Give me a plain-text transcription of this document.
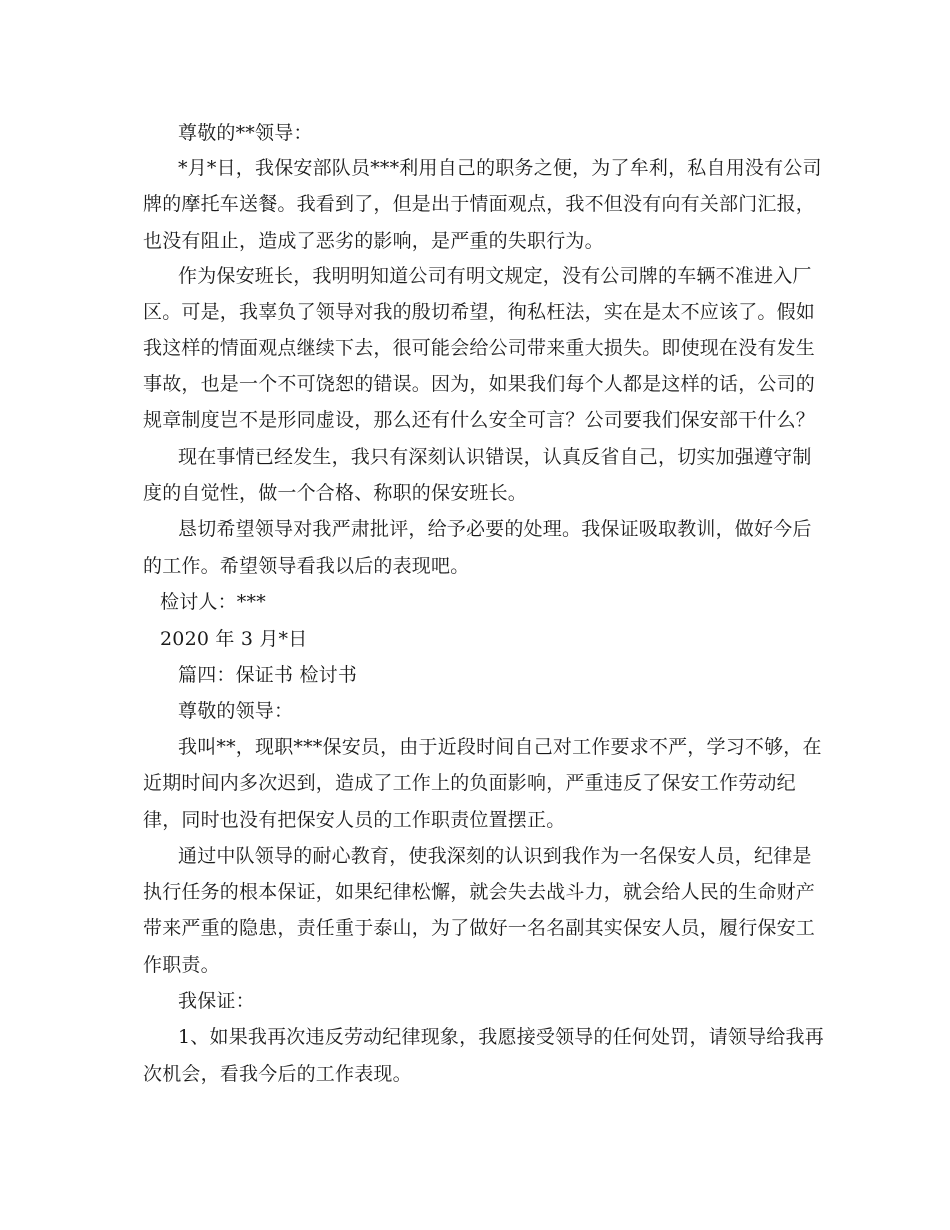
尊敬的**领导：
*月*日，我保安部队员***利用自己的职务之便，为了牟利，私自用没有公司
牌的摩托车送餐。我看到了，但是出于情面观点，我不但没有向有关部门汇报，
也没有阻止，造成了恶劣的影响，是严重的失职行为。
作为保安班长，我明明知道公司有明文规定，没有公司牌的车辆不准进入厂
区。可是，我辜负了领导对我的殷切希望，徇私枉法，实在是太不应该了。假如
我这样的情面观点继续下去，很可能会给公司带来重大损失。即使现在没有发生
事故，也是一个不可饶恕的错误。因为，如果我们每个人都是这样的话，公司的
规章制度岂不是形同虚设，那么还有什么安全可言？公司要我们保安部干什么？
现在事情已经发生，我只有深刻认识错误，认真反省自己，切实加强遵守制
度的自觉性，做一个合格、称职的保安班长。
恳切希望领导对我严肃批评，给予必要的处理。我保证吸取教训，做好今后
的工作。希望领导看我以后的表现吧。
检讨人：***
2020 年 3 月*日
篇四：保证书 检讨书
尊敬的领导：
我叫**，现职***保安员，由于近段时间自己对工作要求不严，学习不够，在
近期时间内多次迟到，造成了工作上的负面影响，严重违反了保安工作劳动纪
律，同时也没有把保安人员的工作职责位置摆正。
通过中队领导的耐心教育，使我深刻的认识到我作为一名保安人员，纪律是
执行任务的根本保证，如果纪律松懈，就会失去战斗力，就会给人民的生命财产
带来严重的隐患，责任重于泰山，为了做好一名名副其实保安人员，履行保安工
作职责。
我保证：
1、如果我再次违反劳动纪律现象，我愿接受领导的任何处罚，请领导给我再
次机会，看我今后的工作表现。
